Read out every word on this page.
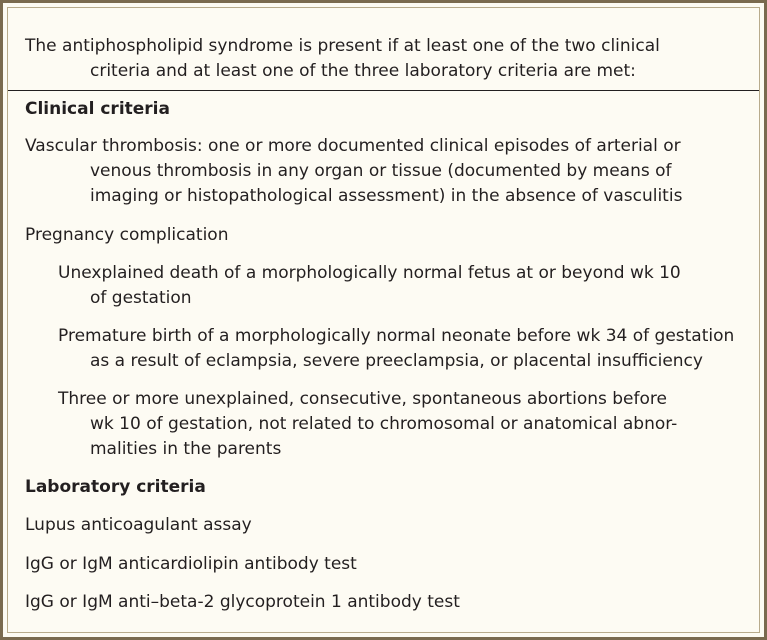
The antiphospholipid syndrome is present if at least one of the two clinical
criteria and at least one of the three laboratory criteria are met:
Clinical criteria
Vascular thrombosis: one or more documented clinical episodes of arterial or
venous thrombosis in any organ or tissue (documented by means of
imaging or histopathological assessment) in the absence of vasculitis
Pregnancy complication
Unexplained death of a morphologically normal fetus at or beyond wk 10
of gestation
Premature birth of a morphologically normal neonate before wk 34 of gestation
as a result of eclampsia, severe preeclampsia, or placental insufficiency
Three or more unexplained, consecutive, spontaneous abortions before
wk 10 of gestation, not related to chromosomal or anatomical abnor-
malities in the parents
Laboratory criteria
Lupus anticoagulant assay
IgG or IgM anticardiolipin antibody test
IgG or IgM anti–beta-2 glycoprotein 1 antibody test
